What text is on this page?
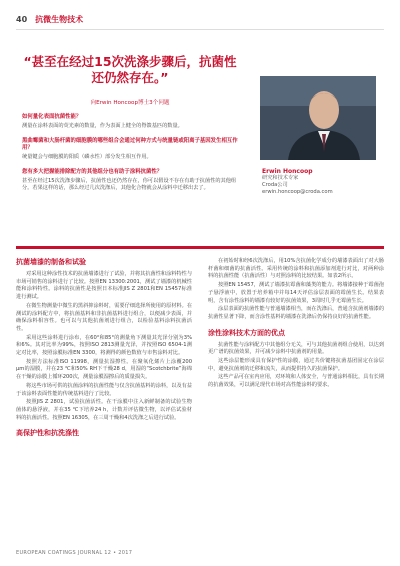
40 抗微生物技术
“甚至在经过15次洗涤步骤后，抗菌性还仍然存在。”
向Erwin Honcoop博士3个问题
如何量化表面抗菌性能？
测量在涂料表面的荧光素的数量，作为表面上健全的脊馈基匹的数量。
黑曲霉菌和大肠杆菌的细胞膜的哪些组合会通过何种方式与统量链或阳离子基因发生相互作用？
统量键会与细胞膜的阳质（磷水性）部分发生相互作用。
您有多大把握能排除配方的其他组分也有助于涂料抗菌性？
甚至在经过15次洗涤步骤后，抗菌性也还仍然存在，你可以假设不存在有助于抗菌性的其他组分。若果这样的话，那么经过几次洗涤后，其他化合物就会从涂料中迁移出去了。
Erwin Honcoop
研究和技术专家
Croda公司
erwin.honcoop@croda.com
抗菌墙漆的制备和试验

对采用这种涂性技术的抗菌墙漆进行了试验，并将其抗菌性和涂料特性与市场可销售的涂料进行了比较。按照EN 13300:2001，测试了墙漆的机械性能和涂料特性。涂料的抗菌性是按照日本标准JIS Z 2801和EN 15457标准进行测试。

在微生物测量中微生的黑斜抑涂料时，需要仔细选择所使用的原材料。在测试的涂料配方中，将抗菌基料和非抗菌基料进行组合，以便减少表面，并确保涂料相容性。也可以与其他抗菌剂进行组合，以检验基料涂料抗菌活性。

采用这些涂料进行涂布，在60°和85°的测量角下测量其光泽分别为3%和6%。其对比率为99%，按照ISO 2813测量光泽，并按照ISO 6504-1测定对比率，按照涂膜标准EN 3300，将测得的颜色数值与市售涂料对比。

按照方法标准ISO 11998，测量抗湿擦性。在聚氧化烯片上涂覆200 μm的湿膜，并在23 ℃和50% RH下干燥28 d，用湿的“Scotchbrite”海绵在干燥的涂膜上循环200次，测量涂膜湿擦后的质量损失。

将这些市场可供的抗菌涂料的抗菌性能与仅含抗菌基料的涂料，以及有益于该涂料表面性能的传统基料进行了比较。

按照JIS Z 2801，试验抗菌活性。在干涂膜中注入新鲜制备的试验生物菌体的悬浮液，并在35 ℃下培养24 h，计数并评估微生物，以评估试验材料的抗菌活性。按照EN 16305，在三周干燥和4次洗涤之后进行试验。

高保护性和抗洗涤性

在初始时和经6次洗涤后，用10%含抗菌化学成分的墙漆表面出了对大肠杆菌和细菌的抗菌活性。采用传统的涂料和抗菌添加剂进行对比，对两种涂料的抗菌性能（抗菌活性）与对照涂料的比较结果。如表2所示。

按照EN 15457，测试了墙漆抗霉菌和藻类的能力。将墙漆接种于霉菌孢子悬浮液中，放置于培养箱中并每14天评估涂层表面的霉菌生长。结果表明，含有涂性涂料的墙漆有较好的抗菌效果，3周时几乎无霉菌生长。

涂层表面的抗菌性能与普通墙漆相当，而在洗涤后，普通含抗菌剂墙漆的抗菌性显著下降，而含涂性基料的墙漆在洗涤后仍保持良好的抗菌性能。

涂性涂料技术方面的优点

抗菌性能与涂料配方中其他组分无关，可与其他抗菌剂组合使用，以达到更广谱的抗菌效果，并可减少涂料中抗菌剂的用量。

这些涂层能形成具有保护性的涂膜，通过共价键将抗菌基团固定在涂层中，避免抗菌剂的迁移和流失，从而提供持久的抗菌保护。

这些产品可在室内应用，对环境和人体安全，与普通涂料相比，具有长期的抗菌效果，可以满足现代市场对高性能涂料的要求。

EUROPEAN COATINGS JOURNAL 12 • 2017
